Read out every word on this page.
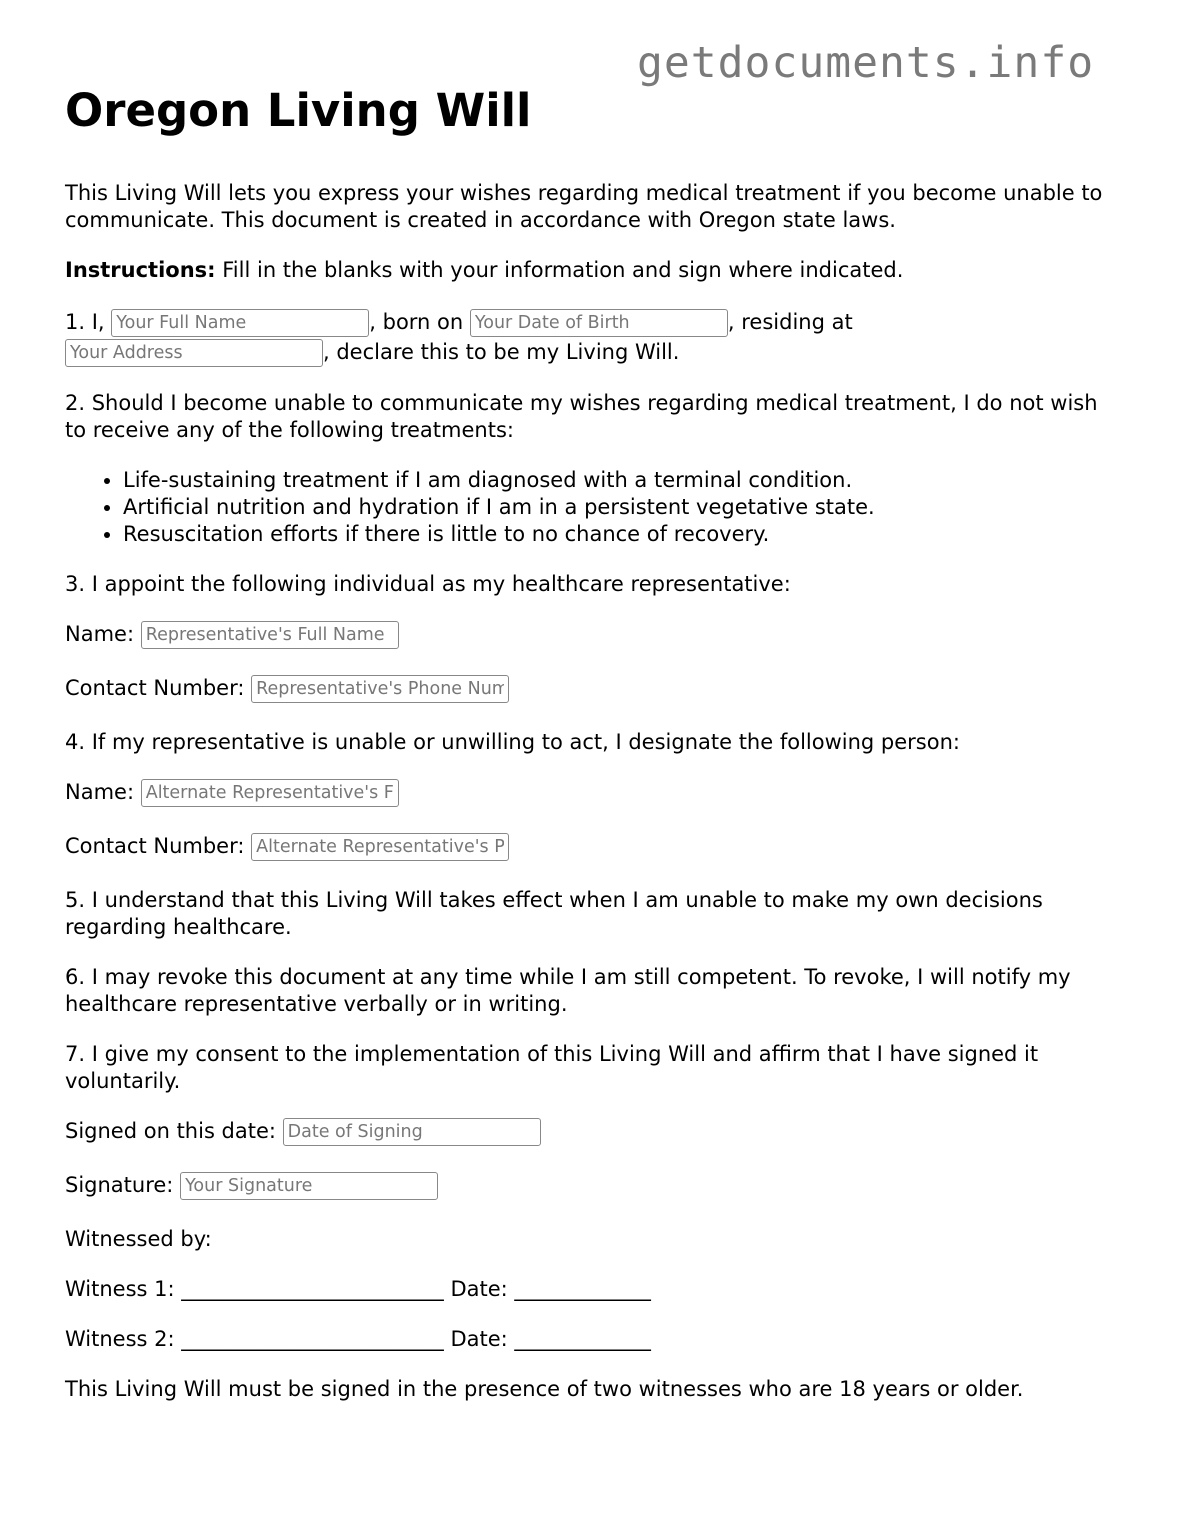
getdocuments.info
Oregon Living Will

This Living Will lets you express your wishes regarding medical treatment if you become unable to communicate. This document is created in accordance with Oregon state laws.

Instructions: Fill in the blanks with your information and sign where indicated.

1. I, Your Full Name	, born on Your Date of Birth	, residing at
Your Address, declare this to be my Living Will.

2. Should I become unable to communicate my wishes regarding medical treatment, I do not wish to receive any of the following treatments:

• Life-sustaining treatment if I am diagnosed with a terminal condition.
• Artificial nutrition and hydration if I am in a persistent vegetative state.
• Resuscitation efforts if there is little to no chance of recovery.

3. I appoint the following individual as my healthcare representative:

Name: Representative's Full Name
Contact Number: Representative's Phone Number

4. If my representative is unable or unwilling to act, I designate the following person:

Name: Alternate Representative's Full Name
Contact Number: Alternate Representative's Phone Number

5. I understand that this Living Will takes effect when I am unable to make my own decisions regarding healthcare.

6. I may revoke this document at any time while I am still competent. To revoke, I will notify my healthcare representative verbally or in writing.

7. I give my consent to the implementation of this Living Will and affirm that I have signed it voluntarily.

Signed on this date: Date of Signing
Signature: Your Signature

Witnessed by:

Witness 1: _________________________ Date: _____________

Witness 2: _________________________ Date: _____________

This Living Will must be signed in the presence of two witnesses who are 18 years or older.
